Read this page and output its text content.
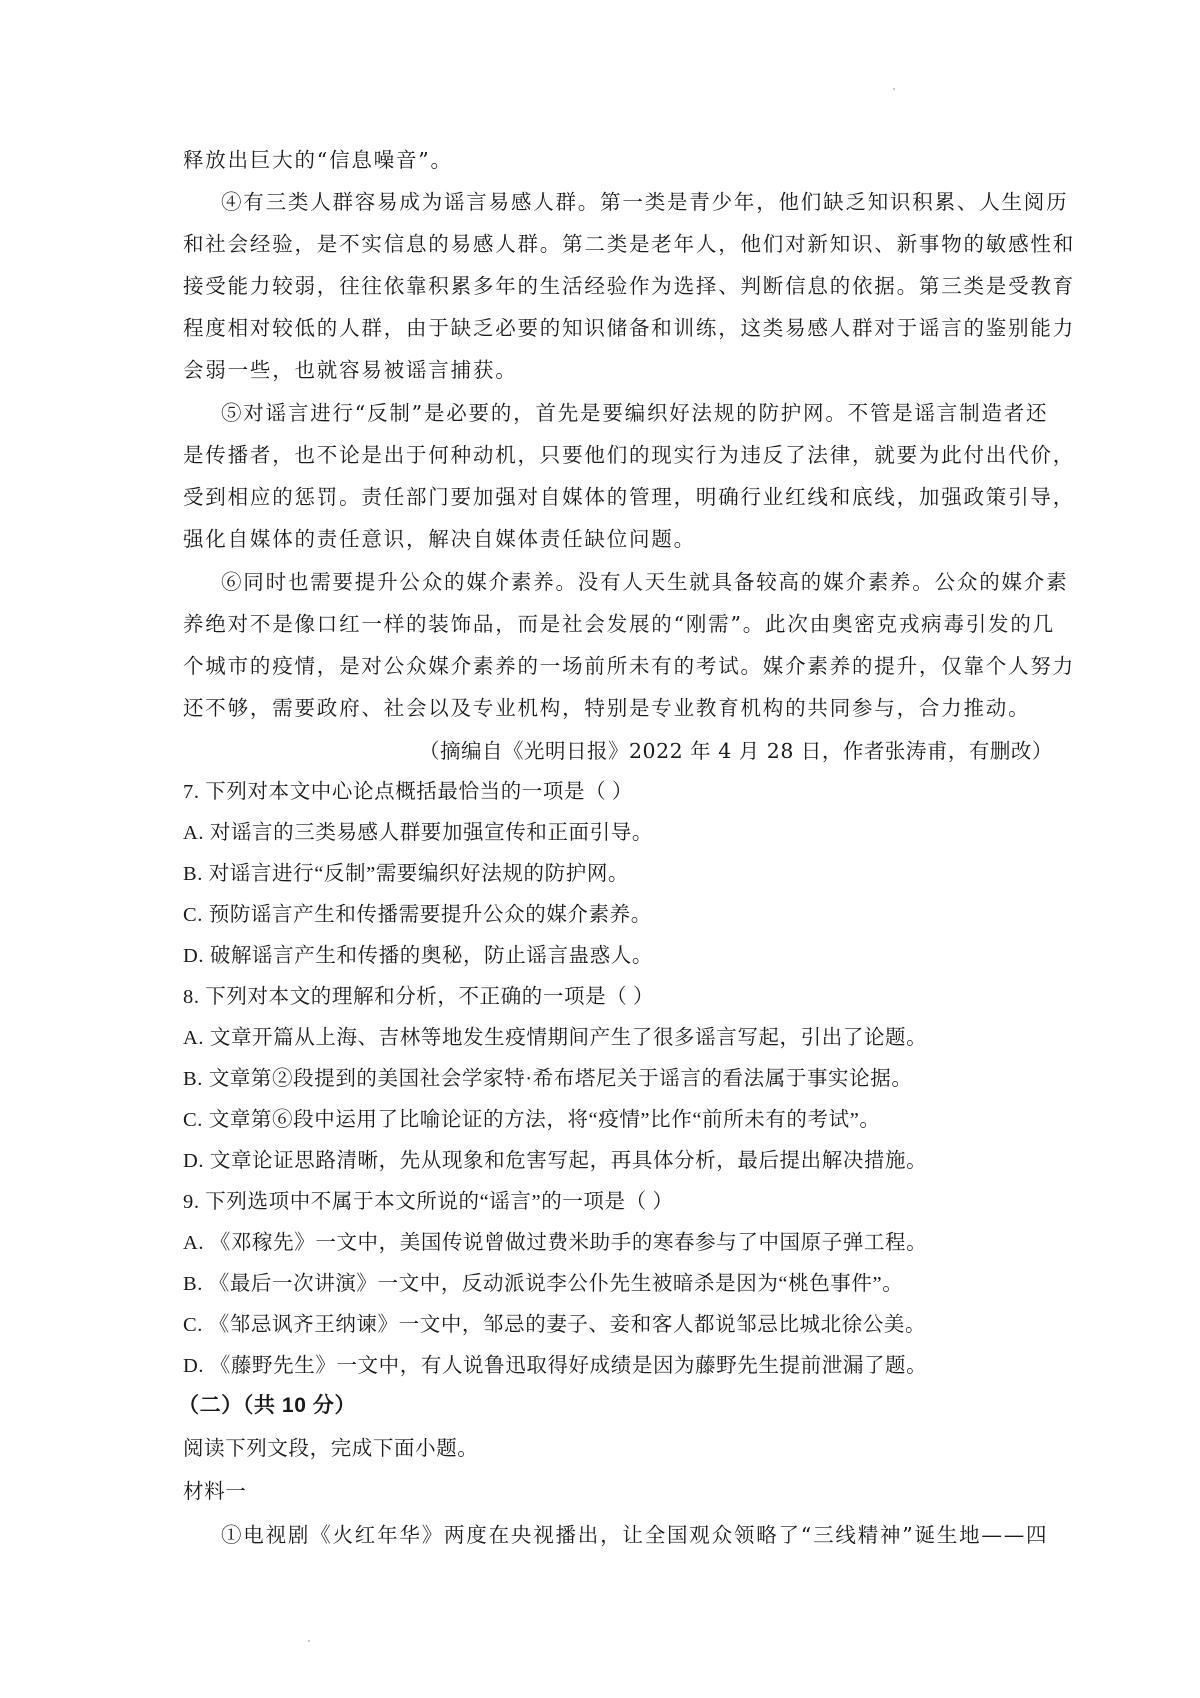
释放出巨大的“信息噪音”。
④有三类人群容易成为谣言易感人群。第一类是青少年，他们缺乏知识积累、人生阅历
和社会经验，是不实信息的易感人群。第二类是老年人，他们对新知识、新事物的敏感性和
接受能力较弱，往往依靠积累多年的生活经验作为选择、判断信息的依据。第三类是受教育
程度相对较低的人群，由于缺乏必要的知识储备和训练，这类易感人群对于谣言的鉴别能力
会弱一些，也就容易被谣言捕获。
⑤对谣言进行“反制”是必要的，首先是要编织好法规的防护网。不管是谣言制造者还
是传播者，也不论是出于何种动机，只要他们的现实行为违反了法律，就要为此付出代价，
受到相应的惩罚。责任部门要加强对自媒体的管理，明确行业红线和底线，加强政策引导，
强化自媒体的责任意识，解决自媒体责任缺位问题。
⑥同时也需要提升公众的媒介素养。没有人天生就具备较高的媒介素养。公众的媒介素
养绝对不是像口红一样的装饰品，而是社会发展的“刚需”。此次由奥密克戎病毒引发的几
个城市的疫情，是对公众媒介素养的一场前所未有的考试。媒介素养的提升，仅靠个人努力
还不够，需要政府、社会以及专业机构，特别是专业教育机构的共同参与，合力推动。
（摘编自《光明日报》2022 年 4 月 28 日，作者张涛甫，有删改）
7. 下列对本文中心论点概括最恰当的一项是（ ）
A. 对谣言的三类易感人群要加强宣传和正面引导。
B. 对谣言进行“反制”需要编织好法规的防护网。
C. 预防谣言产生和传播需要提升公众的媒介素养。
D. 破解谣言产生和传播的奥秘，防止谣言蛊惑人。
8. 下列对本文的理解和分析，不正确的一项是（ ）
A. 文章开篇从上海、吉林等地发生疫情期间产生了很多谣言写起，引出了论题。
B. 文章第②段提到的美国社会学家特·希布塔尼关于谣言的看法属于事实论据。
C. 文章第⑥段中运用了比喻论证的方法，将“疫情”比作“前所未有的考试”。
D. 文章论证思路清晰，先从现象和危害写起，再具体分析，最后提出解决措施。
9. 下列选项中不属于本文所说的“谣言”的一项是（ ）
A. 《邓稼先》一文中，美国传说曾做过费米助手的寒春参与了中国原子弹工程。
B. 《最后一次讲演》一文中，反动派说李公仆先生被暗杀是因为“桃色事件”。
C. 《邹忌讽齐王纳谏》一文中，邹忌的妻子、妾和客人都说邹忌比城北徐公美。
D. 《藤野先生》一文中，有人说鲁迅取得好成绩是因为藤野先生提前泄漏了题。
（二）（共 10 分）
阅读下列文段，完成下面小题。
材料一
①电视剧《火红年华》两度在央视播出，让全国观众领略了“三线精神”诞生地——四
